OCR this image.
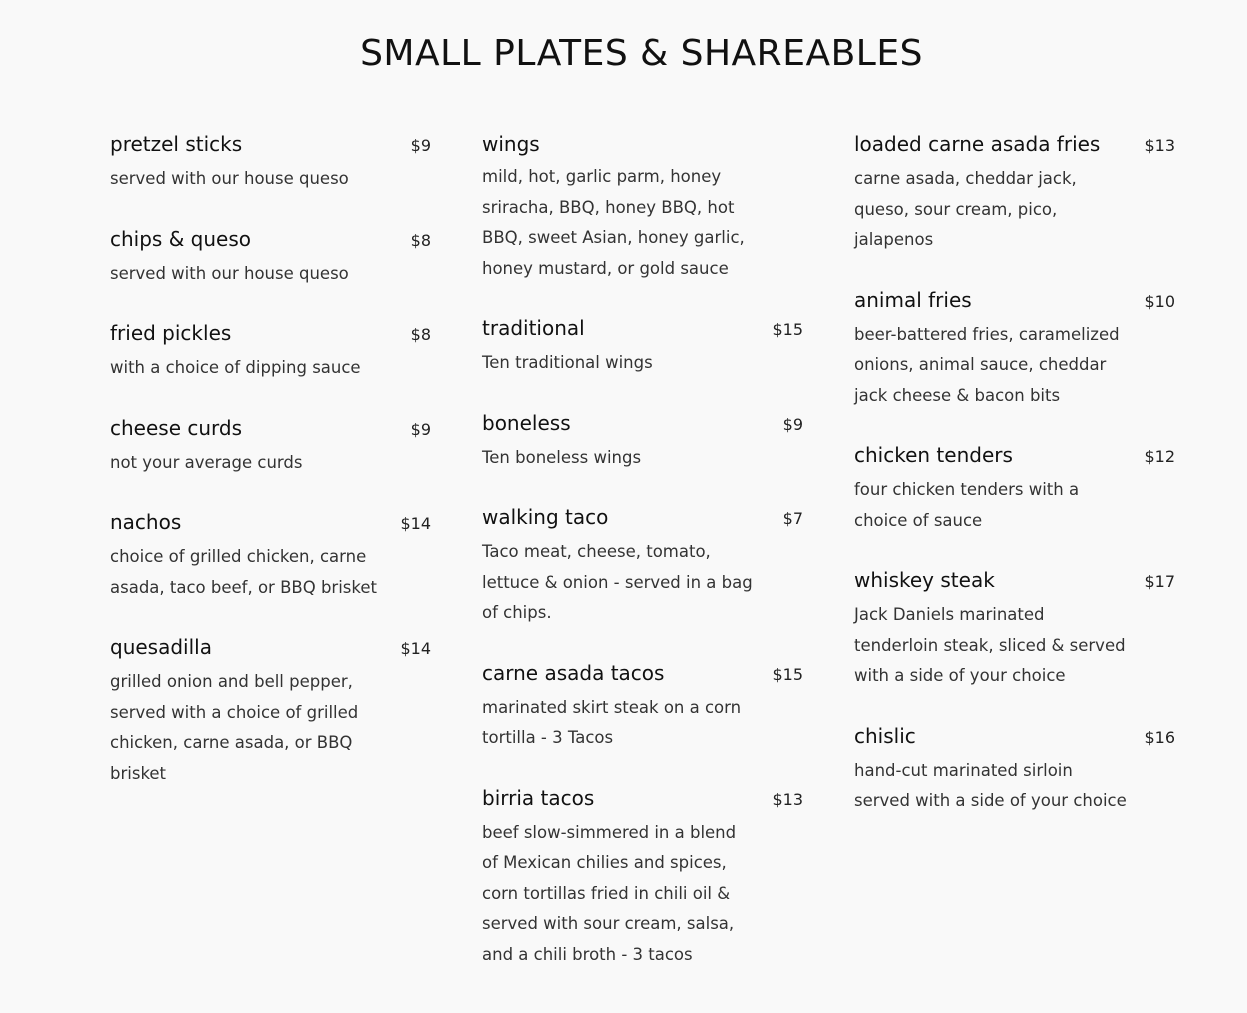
SMALL PLATES & SHAREABLES
pretzel sticks	$9
served with our house queso
chips & queso	$8
served with our house queso
fried pickles	$8
with a choice of dipping sauce
cheese curds	$9
not your average curds
nachos	$14
choice of grilled chicken, carne asada, taco beef, or BBQ brisket
quesadilla	$14
grilled onion and bell pepper, served with a choice of grilled chicken, carne asada, or BBQ brisket
wings
mild, hot, garlic parm, honey sriracha, BBQ, honey BBQ, hot BBQ, sweet Asian, honey garlic, honey mustard, or gold sauce
traditional	$15
Ten traditional wings
boneless	$9
Ten boneless wings
walking taco	$7
Taco meat, cheese, tomato, lettuce & onion - served in a bag of chips.
carne asada tacos	$15
marinated skirt steak on a corn tortilla - 3 Tacos
birria tacos	$13
beef slow-simmered in a blend of Mexican chilies and spices, corn tortillas fried in chili oil & served with sour cream, salsa, and a chili broth - 3 tacos
loaded carne asada fries	$13
carne asada, cheddar jack, queso, sour cream, pico, jalapenos
animal fries	$10
beer-battered fries, caramelized onions, animal sauce, cheddar jack cheese & bacon bits
chicken tenders	$12
four chicken tenders with a choice of sauce
whiskey steak	$17
Jack Daniels marinated tenderloin steak, sliced & served with a side of your choice
chislic	$16
hand-cut marinated sirloin served with a side of your choice
